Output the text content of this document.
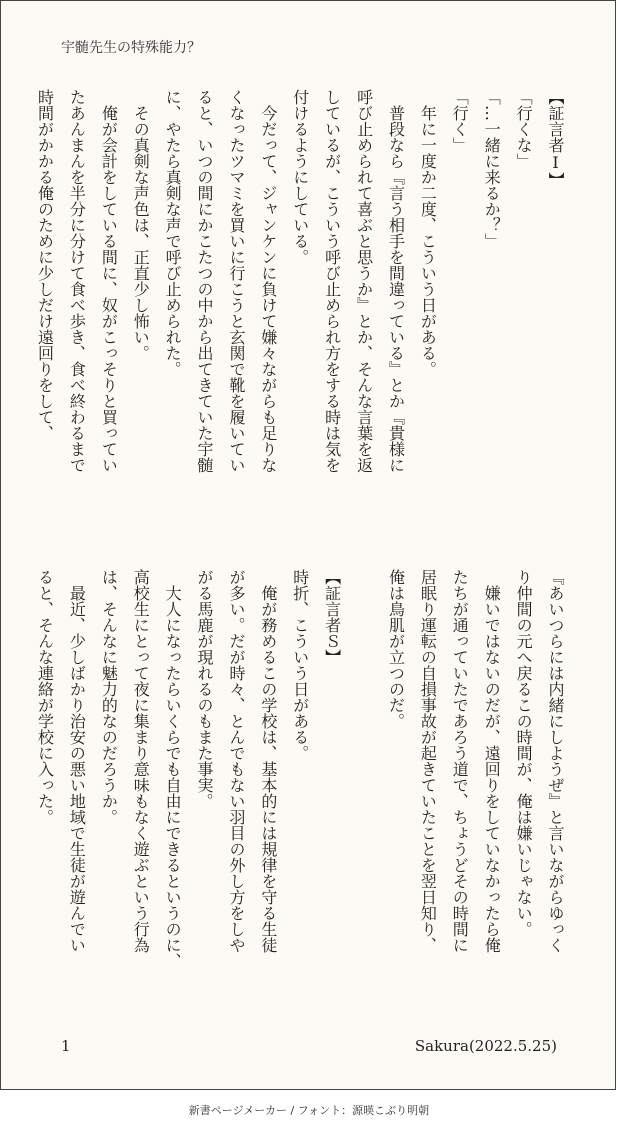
宇髄先生の特殊能力？
【証言者Ⅰ】
「行くな」
「…一緒に来るか？」
「行く」
　年に一度か二度、こういう日がある。
　普段なら『言う相手を間違っている』とか『貴様に
呼び止められて喜ぶと思うか』とか、そんな言葉を返
しているが、こういう呼び止められ方をする時は気を
付けるようにしている。
　今だって、ジャンケンに負けて嫌々ながらも足りな
くなったツマミを買いに行こうと玄関で靴を履いてい
ると、いつの間にかこたつの中から出てきていた宇髄
に、やたら真剣な声で呼び止められた。
　その真剣な声色は、正直少し怖い。
　俺が会計をしている間に、奴がこっそりと買ってい
たあんまんを半分に分けて食べ歩き、食べ終わるまで
時間がかかる俺のために少しだけ遠回りをして、
『あいつらには内緒にしようぜ』と言いながらゆっく
り仲間の元へ戻るこの時間が、俺は嫌いじゃない。
　嫌いではないのだが、遠回りをしていなかったら俺
たちが通っていたであろう道で、ちょうどその時間に
居眠り運転の自損事故が起きていたことを翌日知り、
俺は鳥肌が立つのだ。

【証言者Ｓ】
時折、こういう日がある。
　俺が務めるこの学校は、基本的には規律を守る生徒
が多い。だが時々、とんでもない羽目の外し方をしや
がる馬鹿が現れるのもまた事実。
　大人になったらいくらでも自由にできるというのに、
高校生にとって夜に集まり意味もなく遊ぶという行為
は、そんなに魅力的なのだろうか。
　最近、少しばかり治安の悪い地域で生徒が遊んでい
ると、そんな連絡が学校に入った。
1	Sakura(2022.5.25)
新書ページメーカー / フォント：源暎こぶり明朝
